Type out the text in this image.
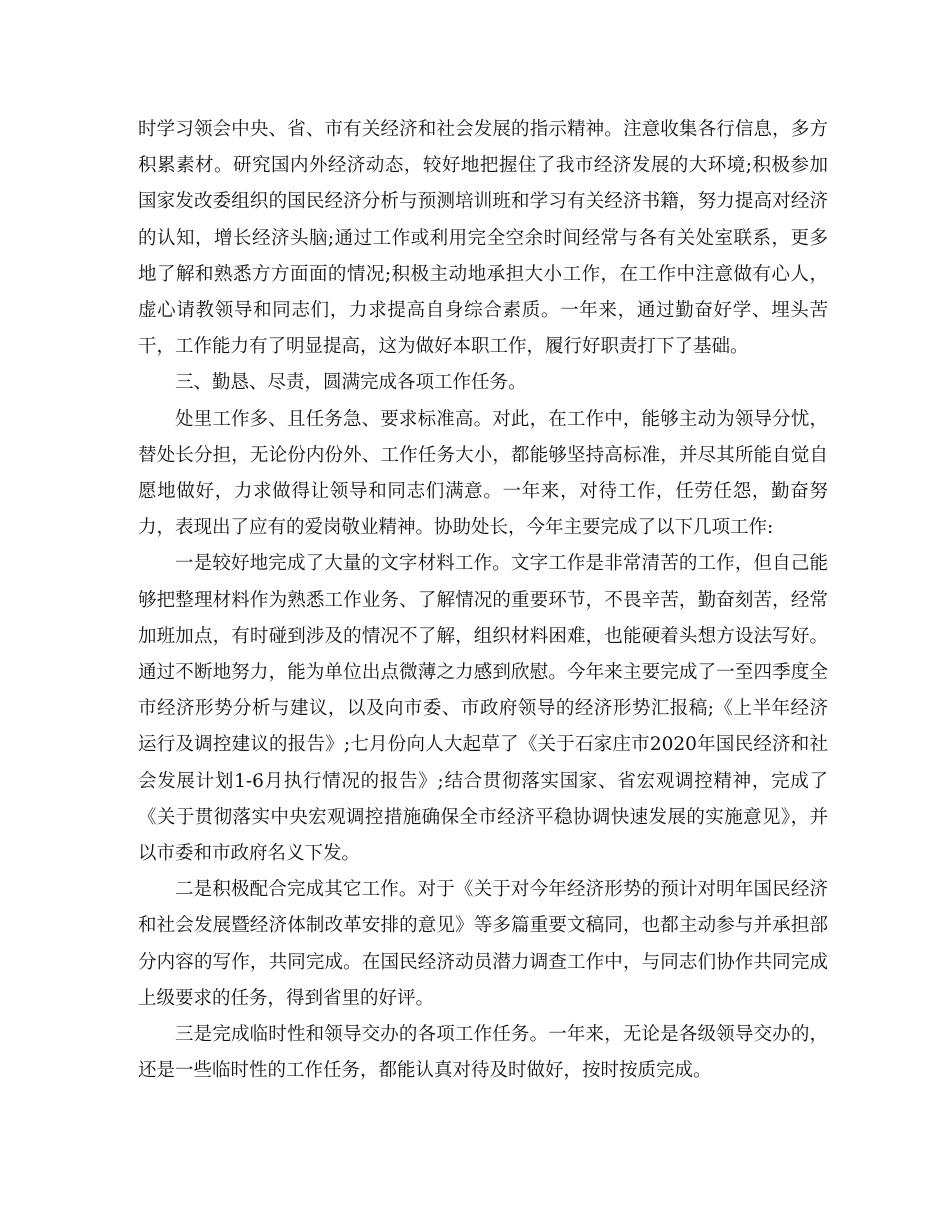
时学习领会中央、省、市有关经济和社会发展的指示精神。注意收集各行信息，多方积累素材。研究国内外经济动态，较好地把握住了我市经济发展的大环境;积极参加国家发改委组织的国民经济分析与预测培训班和学习有关经济书籍，努力提高对经济的认知，增长经济头脑;通过工作或利用完全空余时间经常与各有关处室联系，更多地了解和熟悉方方面面的情况;积极主动地承担大小工作，在工作中注意做有心人，虚心请教领导和同志们，力求提高自身综合素质。一年来，通过勤奋好学、埋头苦干，工作能力有了明显提高，这为做好本职工作，履行好职责打下了基础。

三、勤恳、尽责，圆满完成各项工作任务。

处里工作多、且任务急、要求标准高。对此，在工作中，能够主动为领导分忧，替处长分担，无论份内份外、工作任务大小，都能够坚持高标准，并尽其所能自觉自愿地做好，力求做得让领导和同志们满意。一年来，对待工作，任劳任怨，勤奋努力，表现出了应有的爱岗敬业精神。协助处长，今年主要完成了以下几项工作:

一是较好地完成了大量的文字材料工作。文字工作是非常清苦的工作，但自己能够把整理材料作为熟悉工作业务、了解情况的重要环节，不畏辛苦，勤奋刻苦，经常加班加点，有时碰到涉及的情况不了解，组织材料困难，也能硬着头想方设法写好。通过不断地努力，能为单位出点微薄之力感到欣慰。今年来主要完成了一至四季度全市经济形势分析与建议，以及向市委、市政府领导的经济形势汇报稿;《上半年经济运行及调控建议的报告》;七月份向人大起草了《关于石家庄市2020年国民经济和社会发展计划1-6月执行情况的报告》;结合贯彻落实国家、省宏观调控精神，完成了《关于贯彻落实中央宏观调控措施确保全市经济平稳协调快速发展的实施意见》，并以市委和市政府名义下发。

二是积极配合完成其它工作。对于《关于对今年经济形势的预计对明年国民经济和社会发展暨经济体制改革安排的意见》等多篇重要文稿同，也都主动参与并承担部分内容的写作，共同完成。在国民经济动员潜力调查工作中，与同志们协作共同完成上级要求的任务，得到省里的好评。

三是完成临时性和领导交办的各项工作任务。一年来，无论是各级领导交办的，还是一些临时性的工作任务，都能认真对待及时做好，按时按质完成。
